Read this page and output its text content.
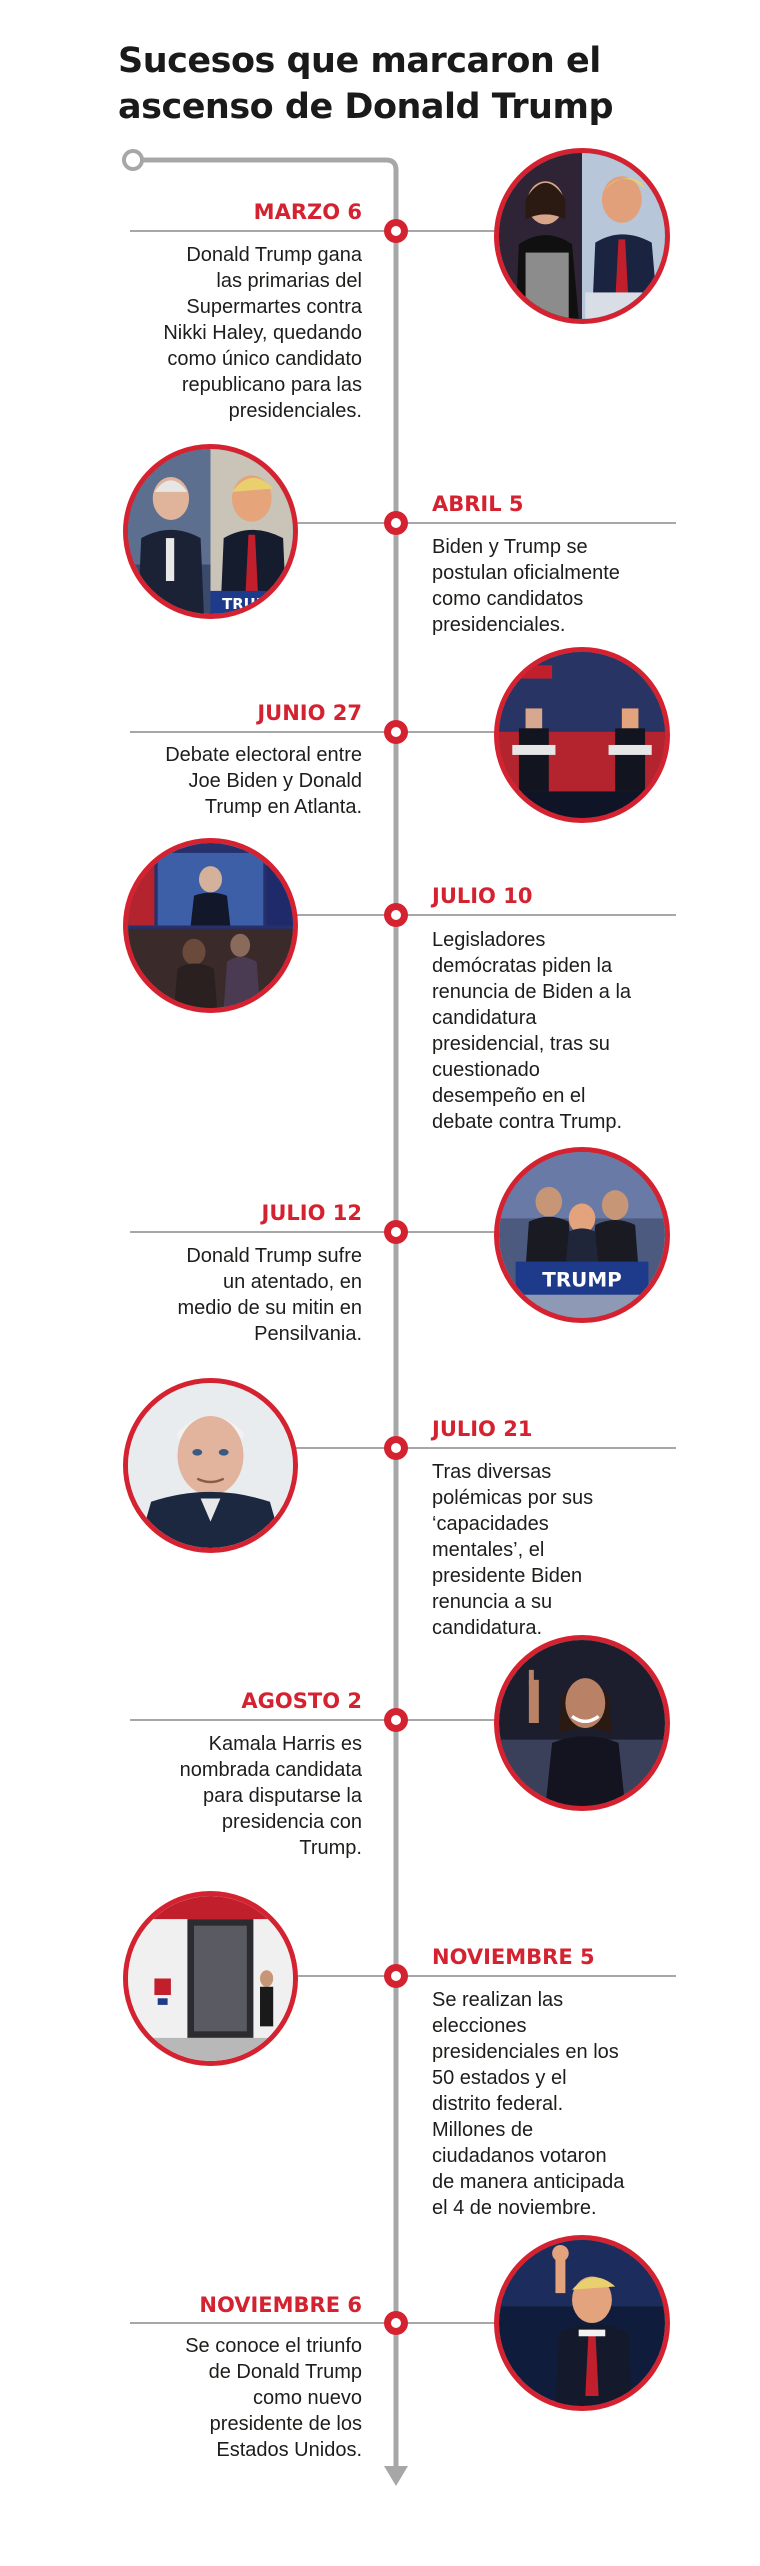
Sucesos que marcaron el
ascenso de Donald Trump
MARZO 6
Donald Trump gana
las primarias del
Supermartes contra
Nikki Haley, quedando
como único candidato
republicano para las
presidenciales.
ABRIL 5
Biden y Trump se
postulan oficialmente
como candidatos
presidenciales.
TRUMP
JUNIO 27
Debate electoral entre
Joe Biden y Donald
Trump en Atlanta.
JULIO 10
Legisladores
demócratas piden la
renuncia de Biden a la
candidatura
presidencial, tras su
cuestionado
desempeño en el
debate contra Trump.
JULIO 12
Donald Trump sufre
un atentado, en
medio de su mitin en
Pensilvania.
TRUMP
JULIO 21
Tras diversas
polémicas por sus
‘capacidades
mentales’, el
presidente Biden
renuncia a su
candidatura.
AGOSTO 2
Kamala Harris es
nombrada candidata
para disputarse la
presidencia con
Trump.
NOVIEMBRE 5
Se realizan las
elecciones
presidenciales en los
50 estados y el
distrito federal.
Millones de
ciudadanos votaron
de manera anticipada
el 4 de noviembre.
NOVIEMBRE 6
Se conoce el triunfo
de Donald Trump
como nuevo
presidente de los
Estados Unidos.
